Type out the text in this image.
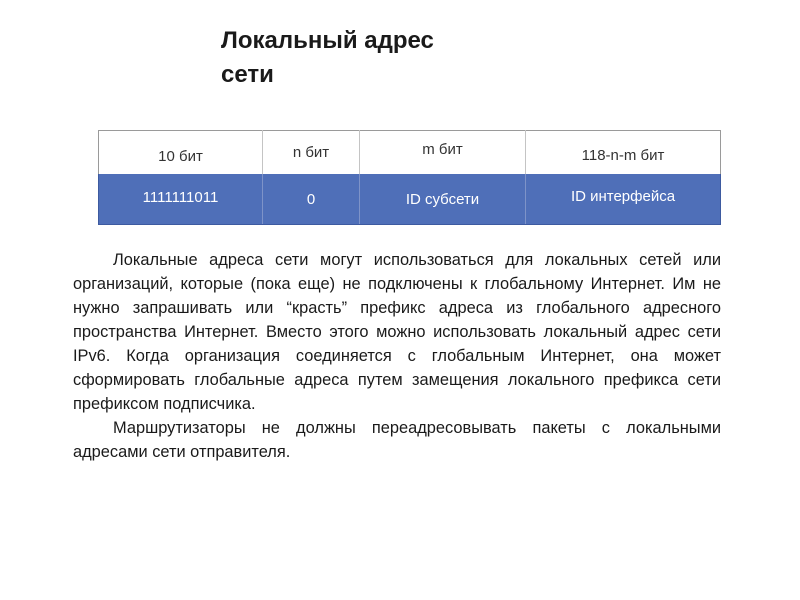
Локальный адрес
сети
10 бит	n бит	m бит	118-n-m бит
1111111011	0	ID субсети	ID интерфейса

Локальные адреса сети могут использоваться для локальных сетей или организаций, которые (пока еще) не подключены к глобальному Интернет. Им не нужно запрашивать или “красть” префикс адреса из глобального адресного пространства Интернет. Вместо этого можно использовать локальный адрес сети IPv6. Когда организация соединяется с глобальным Интернет, она может сформировать глобальные адреса путем замещения локального префикса сети префиксом подписчика.

Маршрутизаторы не должны переадресовывать пакеты с локальными адресами сети отправителя.
